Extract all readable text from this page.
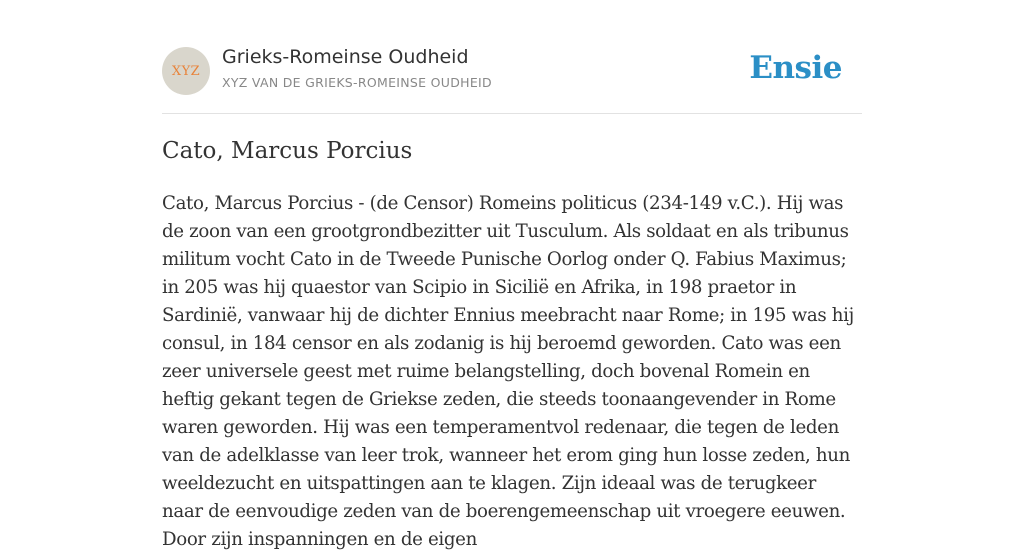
XYZ
Grieks-Romeinse Oudheid
XYZ VAN DE GRIEKS-ROMEINSE OUDHEID	Ensie
Cato, Marcus Porcius

Cato, Marcus Porcius - (de Censor) Romeins politicus (234-149 v.C.). Hij was de zoon van een grootgrondbezitter uit Tusculum. Als soldaat en als tribunus militum vocht Cato in de Tweede Punische Oorlog onder Q. Fabius Maximus; in 205 was hij quaestor van Scipio in Sicilië en Afrika, in 198 praetor in Sardinië, vanwaar hij de dichter Ennius meebracht naar Rome; in 195 was hij consul, in 184 censor en als zodanig is hij beroemd geworden. Cato was een zeer universele geest met ruime belangstelling, doch bovenal Romein en heftig gekant tegen de Griekse zeden, die steeds toonaangevender in Rome waren geworden. Hij was een temperamentvol redenaar, die tegen de leden van de adelklasse van leer trok, wanneer het erom ging hun losse zeden, hun weeldezucht en uitspattingen aan te klagen. Zijn ideaal was de terugkeer naar de eenvoudige zeden van de boerengemeenschap uit vroegere eeuwen. Door zijn inspanningen en de eigen
